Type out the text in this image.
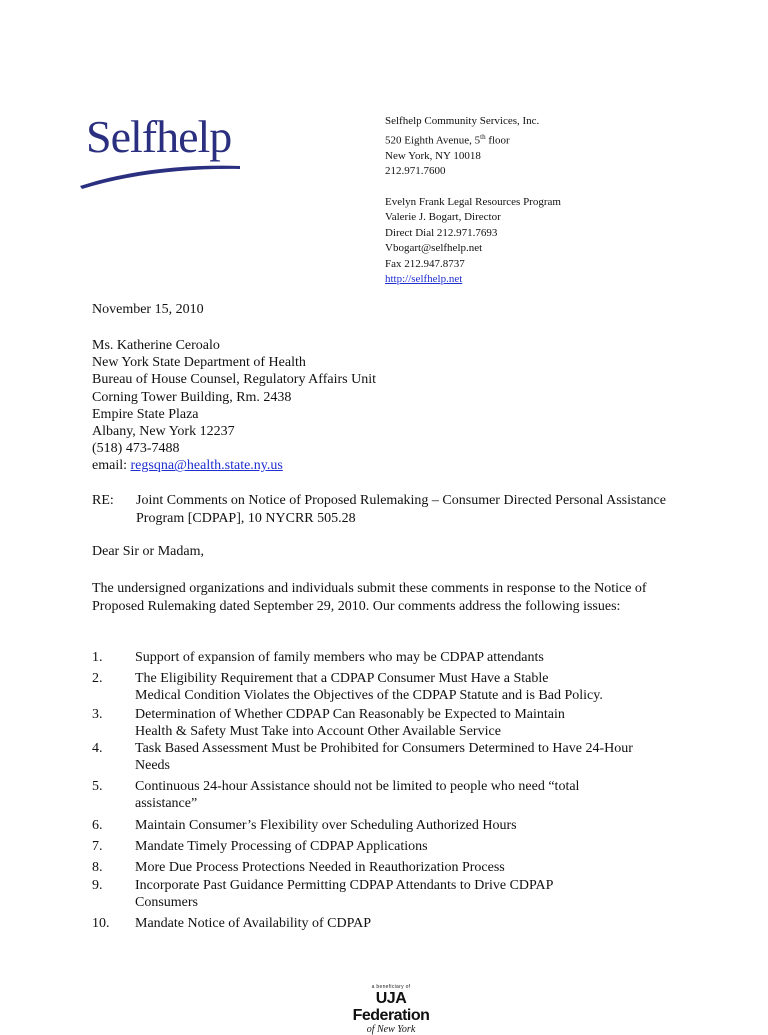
Selfhelp	Selfhelp Community Services, Inc.
520 Eighth Avenue, 5th floor
New York, NY 10018
212.971.7600
Evelyn Frank Legal Resources Program
Valerie J. Bogart, Director
Direct Dial 212.971.7693
Vbogart@selfhelp.net
Fax 212.947.8737
http://selfhelp.net
November 15, 2010
Ms. Katherine Ceroalo
New York State Department of Health
Bureau of House Counsel, Regulatory Affairs Unit
Corning Tower Building, Rm. 2438
Empire State Plaza
Albany, New York 12237
(518) 473-7488
email: regsqna@health.state.ny.us
RE: Joint Comments on Notice of Proposed Rulemaking – Consumer Directed Personal Assistance Program [CDPAP], 10 NYCRR 505.28
Dear Sir or Madam,
The undersigned organizations and individuals submit these comments in response to the Notice of Proposed Rulemaking dated September 29, 2010. Our comments address the following issues:
1. Support of expansion of family members who may be CDPAP attendants
2. The Eligibility Requirement that a CDPAP Consumer Must Have a Stable
Medical Condition Violates the Objectives of the CDPAP Statute and is Bad Policy.
3. Determination of Whether CDPAP Can Reasonably be Expected to Maintain
Health & Safety Must Take into Account Other Available Service
4. Task Based Assessment Must be Prohibited for Consumers Determined to Have 24-Hour
Needs
5. Continuous 24-hour Assistance should not be limited to people who need “total
assistance”
6. Maintain Consumer’s Flexibility over Scheduling Authorized Hours
7. Mandate Timely Processing of CDPAP Applications
8. More Due Process Protections Needed in Reauthorization Process
9. Incorporate Past Guidance Permitting CDPAP Attendants to Drive CDPAP
Consumers
10. Mandate Notice of Availability of CDPAP
a beneficiary of
UJA Federation
of New York
